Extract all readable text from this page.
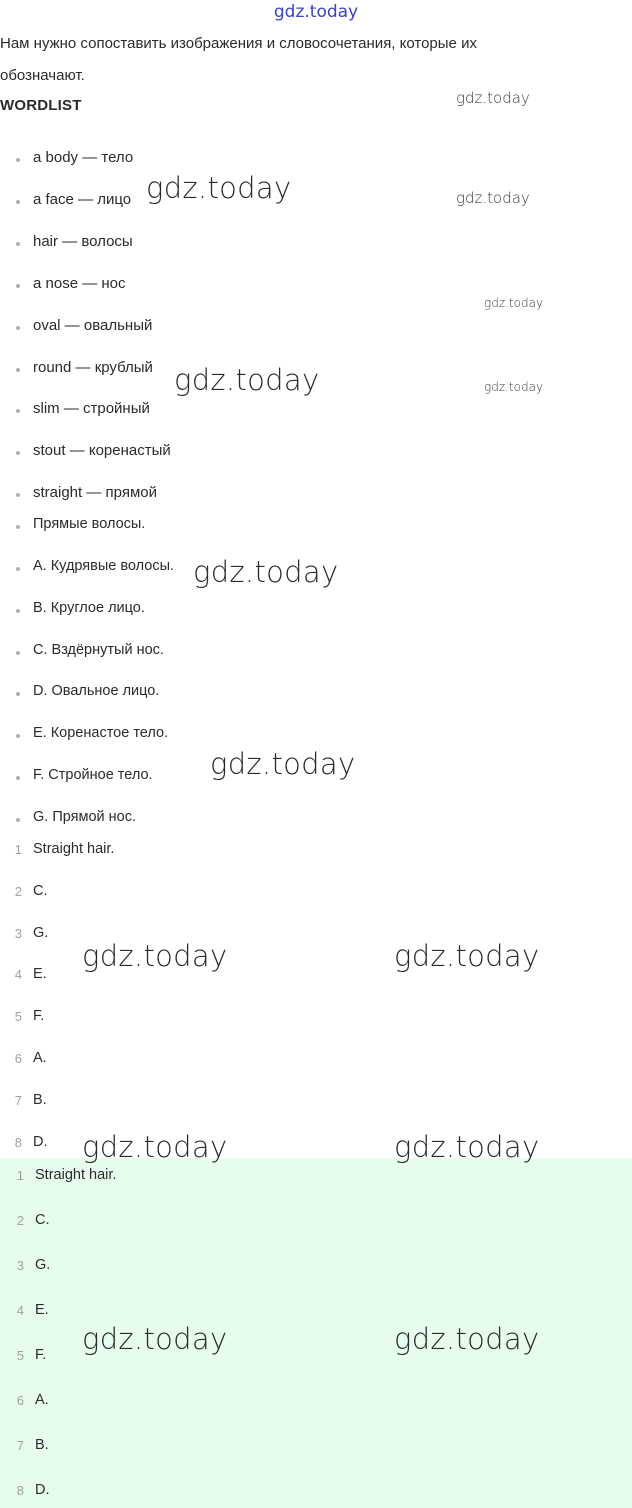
gdz.today
Нам нужно сопоставить изображения и словосочетания, которые их
обозначают.
WORDLIST
a body — тело
a face — лицо
hair — волосы
a nose — нос
oval — овальный
round — крублый
slim — стройный
stout — коренастый
straight — прямой
Прямые волосы.
A. Кудрявые волосы.
B. Круглое лицо.
C. Вздёрнутый нос.
D. Овальное лицо.
E. Коренастое тело.
F. Стройное тело.
G. Прямой нос.
1 Straight hair.
2 C.
3 G.
4 E.
5 F.
6 A.
7 B.
8 D.
1 Straight hair.
2 C.
3 G.
4 E.
5 F.
6 A.
7 B.
8 D.
gdz.today
gdz.today
gdz.today
gdz.today
gdz.today
gdz.today
gdz.today
gdz.today
gdz.today	gdz.today
gdz.today	gdz.today
gdz.today	gdz.today
